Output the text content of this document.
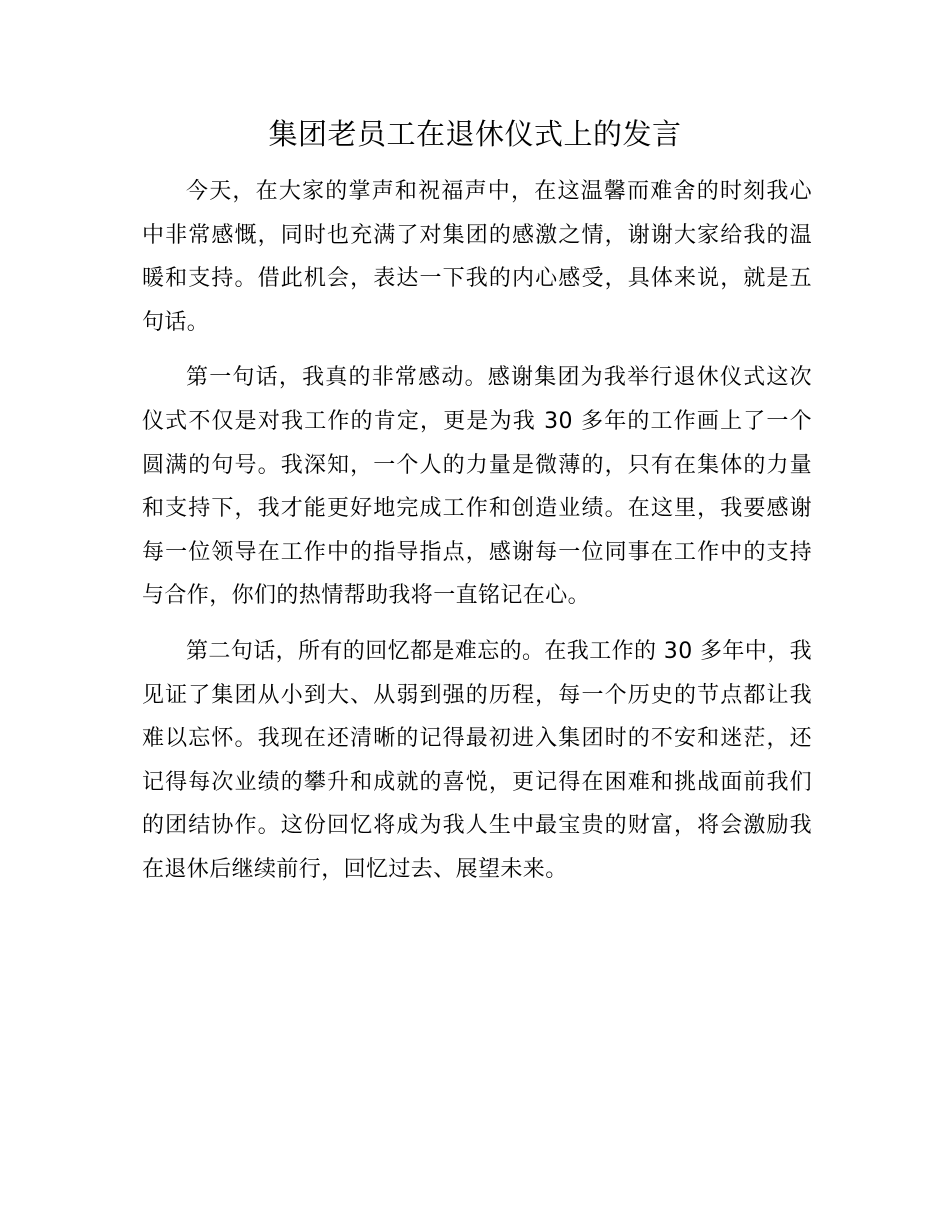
集团老员工在退休仪式上的发言

今天，在大家的掌声和祝福声中，在这温馨而难舍的时刻我心中非常感慨，同时也充满了对集团的感激之情，谢谢大家给我的温暖和支持。借此机会，表达一下我的内心感受，具体来说，就是五句话。

第一句话，我真的非常感动。感谢集团为我举行退休仪式这次仪式不仅是对我工作的肯定，更是为我 30 多年的工作画上了一个圆满的句号。我深知，一个人的力量是微薄的，只有在集体的力量和支持下，我才能更好地完成工作和创造业绩。在这里，我要感谢每一位领导在工作中的指导指点，感谢每一位同事在工作中的支持与合作，你们的热情帮助我将一直铭记在心。

第二句话，所有的回忆都是难忘的。在我工作的 30 多年中，我见证了集团从小到大、从弱到强的历程，每一个历史的节点都让我难以忘怀。我现在还清晰的记得最初进入集团时的不安和迷茫，还记得每次业绩的攀升和成就的喜悦，更记得在困难和挑战面前我们的团结协作。这份回忆将成为我人生中最宝贵的财富，将会激励我在退休后继续前行，回忆过去、展望未来。
